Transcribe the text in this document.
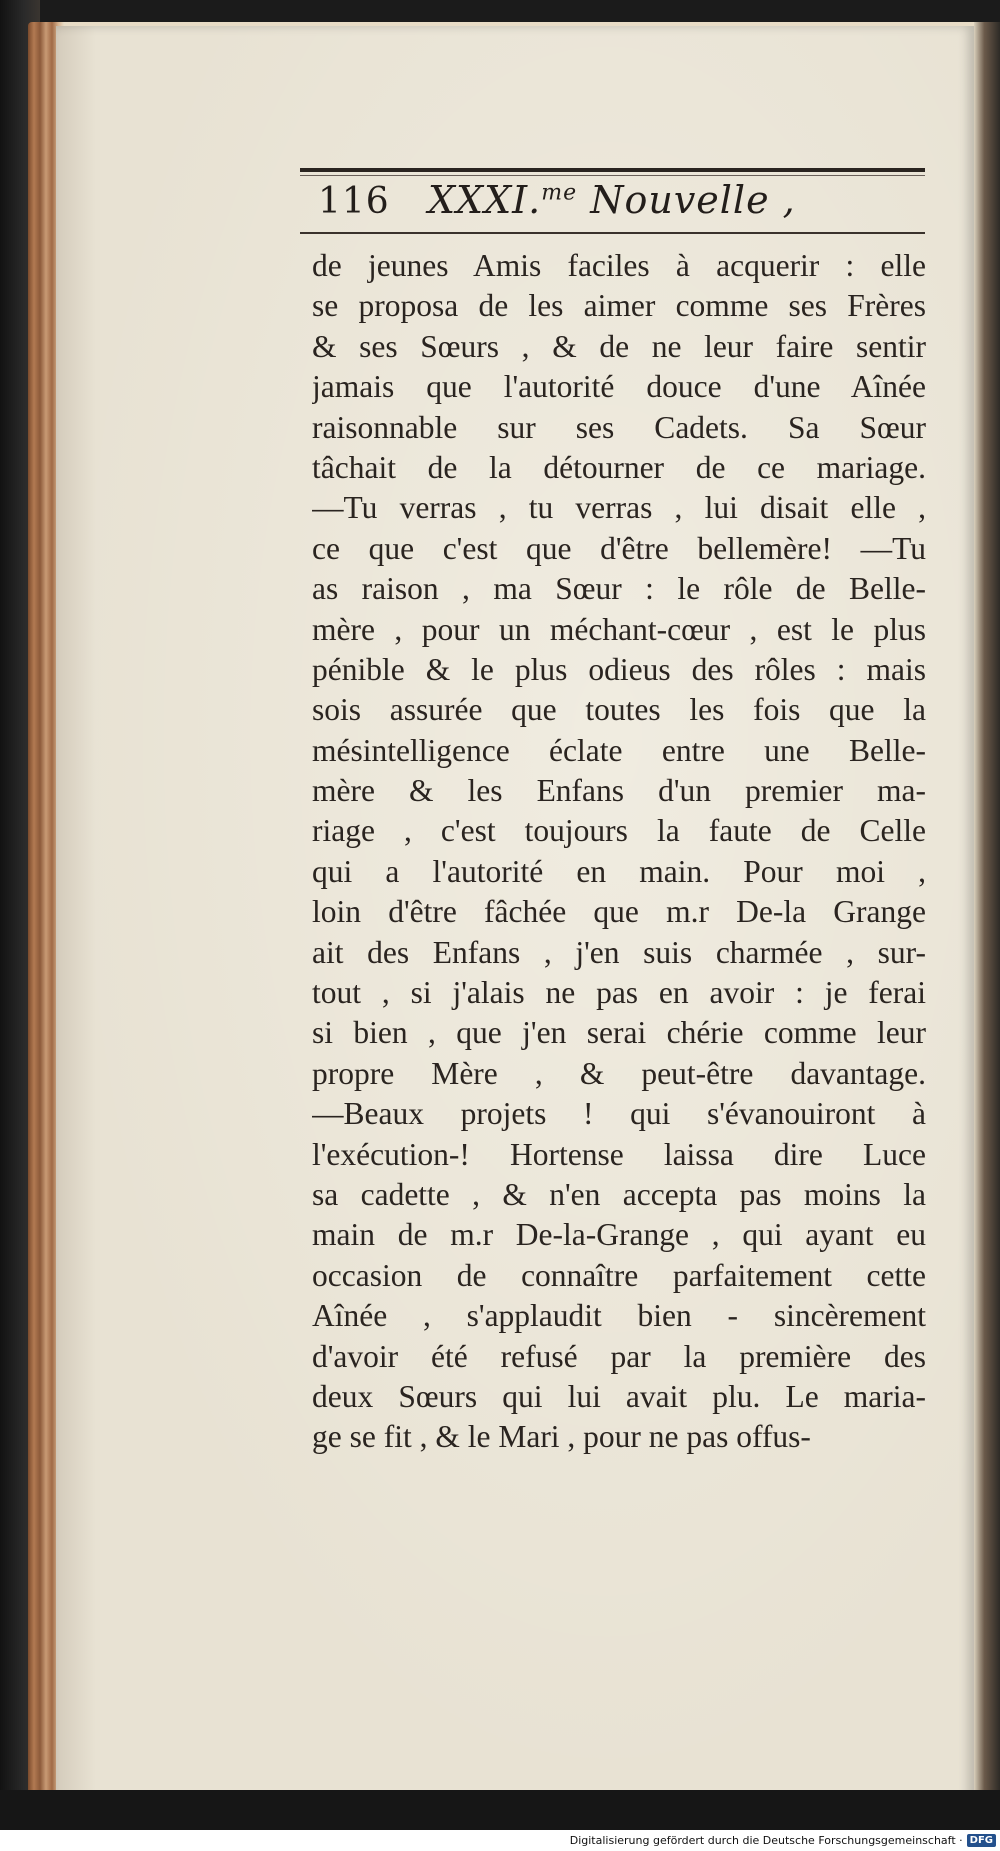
116	XXXI.$^{me}$ Nouvelle ,
de jeunes Amis faciles à acquerir : elle
se proposa de les aimer comme ses Frères
& ses Sœurs , & de ne leur faire sentir
jamais que l'autorité douce d'une Aînée
raisonnable sur ses Cadets. Sa Sœur
tâchait de la détourner de ce mariage.
—Tu verras , tu verras , lui disait elle ,
ce que c'est que d'être bellemère! —Tu
as raison , ma Sœur : le rôle de Belle-
mère , pour un méchant-cœur , est le plus
pénible & le plus odieus des rôles : mais
sois assurée que toutes les fois que la
mésintelligence éclate entre une Belle-
mère & les Enfans d'un premier ma-
riage , c'est toujours la faute de Celle
qui a l'autorité en main. Pour moi ,
loin d'être fâchée que m.r De-la Grange
ait des Enfans , j'en suis charmée , sur-
tout , si j'alais ne pas en avoir : je ferai
si bien , que j'en serai chérie comme leur
propre Mère , & peut-être davantage.
—Beaux projets ! qui s'évanouiront à
l'exécution-! Hortense laissa dire Luce
sa cadette , & n'en accepta pas moins la
main de m.r De-la-Grange , qui ayant eu
occasion de connaître parfaitement cette
Aînée , s'applaudit bien - sincèrement
d'avoir été refusé par la première des
deux Sœurs qui lui avait plu. Le maria-
ge se fit , & le Mari , pour ne pas offus-
Digitalisierung gefördert durch die Deutsche Forschungsgemeinschaft · DFG
